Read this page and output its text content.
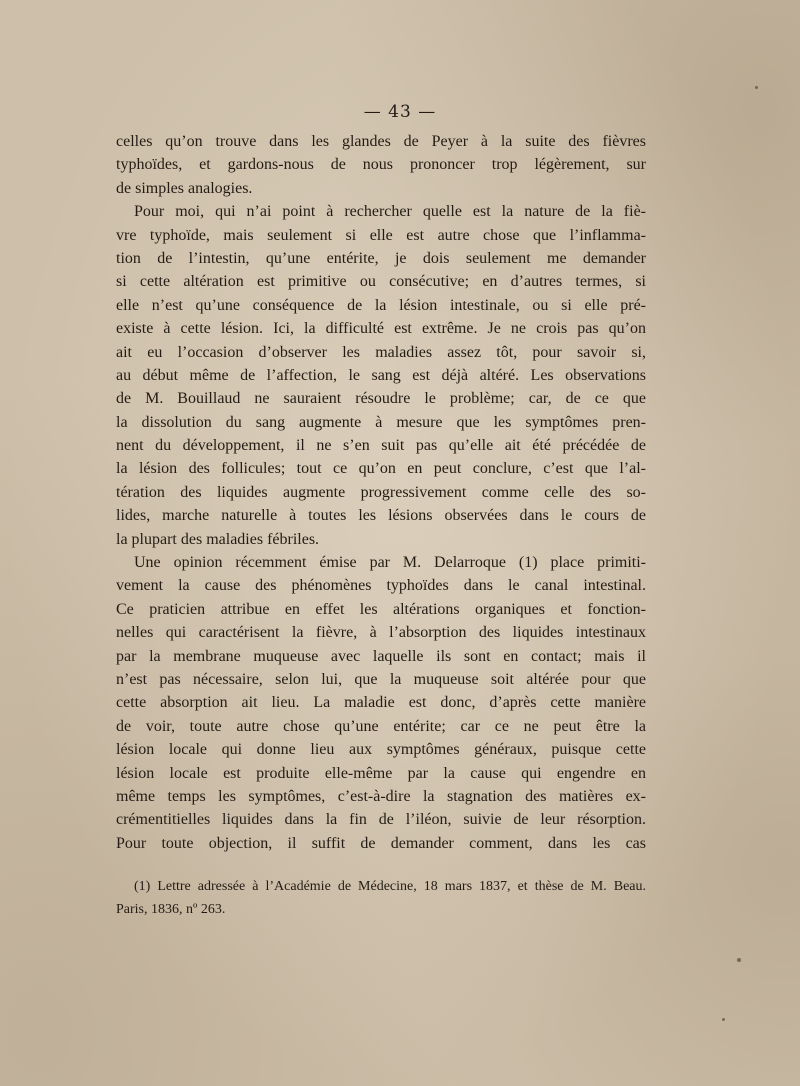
— 43 —
celles qu’on trouve dans les glandes de Peyer à la suite des fièvres
typhoïdes, et gardons-nous de nous prononcer trop légèrement, sur
de simples analogies.
Pour moi, qui n’ai point à rechercher quelle est la nature de la fiè-
vre typhoïde, mais seulement si elle est autre chose que l’inflamma-
tion de l’intestin, qu’une entérite, je dois seulement me demander
si cette altération est primitive ou consécutive; en d’autres termes, si
elle n’est qu’une conséquence de la lésion intestinale, ou si elle pré-
existe à cette lésion. Ici, la difficulté est extrême. Je ne crois pas qu’on
ait eu l’occasion d’observer les maladies assez tôt, pour savoir si,
au début même de l’affection, le sang est déjà altéré. Les observations
de M. Bouillaud ne sauraient résoudre le problème; car, de ce que
la dissolution du sang augmente à mesure que les symptômes pren-
nent du développement, il ne s’en suit pas qu’elle ait été précédée de
la lésion des follicules; tout ce qu’on en peut conclure, c’est que l’al-
tération des liquides augmente progressivement comme celle des so-
lides, marche naturelle à toutes les lésions observées dans le cours de
la plupart des maladies fébriles.
Une opinion récemment émise par M. Delarroque (1) place primiti-
vement la cause des phénomènes typhoïdes dans le canal intestinal.
Ce praticien attribue en effet les altérations organiques et fonction-
nelles qui caractérisent la fièvre, à l’absorption des liquides intestinaux
par la membrane muqueuse avec laquelle ils sont en contact; mais il
n’est pas nécessaire, selon lui, que la muqueuse soit altérée pour que
cette absorption ait lieu. La maladie est donc, d’après cette manière
de voir, toute autre chose qu’une entérite; car ce ne peut être la
lésion locale qui donne lieu aux symptômes généraux, puisque cette
lésion locale est produite elle-même par la cause qui engendre en
même temps les symptômes, c’est-à-dire la stagnation des matières ex-
crémentitielles liquides dans la fin de l’iléon, suivie de leur résorption.
Pour toute objection, il suffit de demander comment, dans les cas
(1) Lettre adressée à l’Académie de Médecine, 18 mars 1837, et thèse de M. Beau.
Paris, 1836, nº 263.
